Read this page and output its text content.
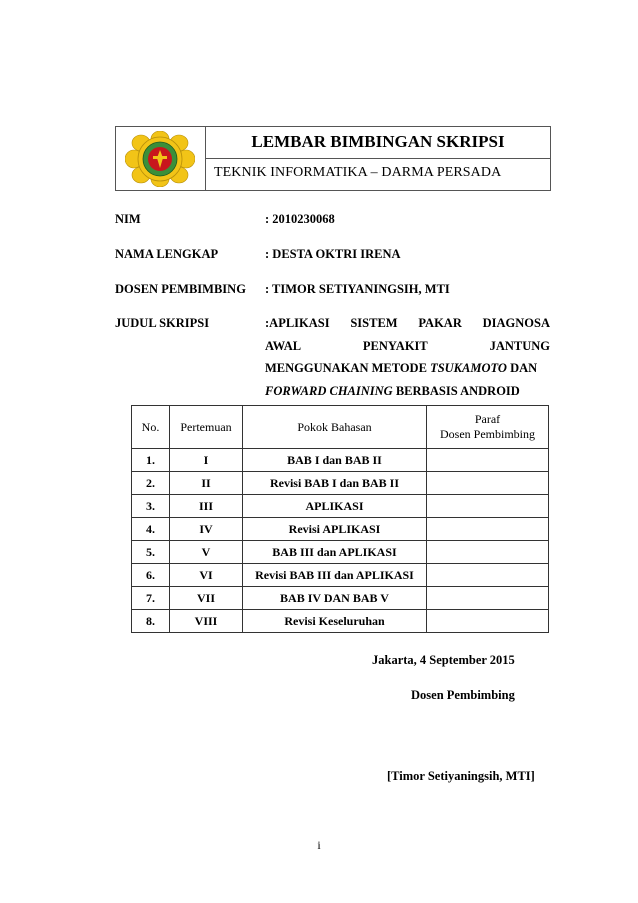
LEMBAR BIMBINGAN SKRIPSI
TEKNIK INFORMATIKA – DARMA PERSADA
NIM	: 2010230068
NAMA LENGKAP	: DESTA OKTRI IRENA
DOSEN PEMBIMBING : TIMOR SETIYANINGSIH, MTI
JUDUL SKRIPSI	:APLIKASI SISTEM PAKAR DIAGNOSA
AWAL	PENYAKIT	JANTUNG
MENGGUNAKAN METODE TSUKAMOTO DAN
FORWARD CHAINING BERBASIS ANDROID
No.	Pertemuan	Pokok Bahasan	Paraf
Dosen Pembimbing

1.	I	BAB I dan BAB II	
2.	II	Revisi BAB I dan BAB II	
3.	III	APLIKASI	
4.	IV	Revisi APLIKASI	
5.	V	BAB III dan APLIKASI	
6.	VI	Revisi BAB III dan APLIKASI	
7.	VII	BAB IV DAN BAB V	
8.	VIII	Revisi Keseluruhan	
Jakarta, 4 September 2015
Dosen Pembimbing
[Timor Setiyaningsih, MTI]
i
